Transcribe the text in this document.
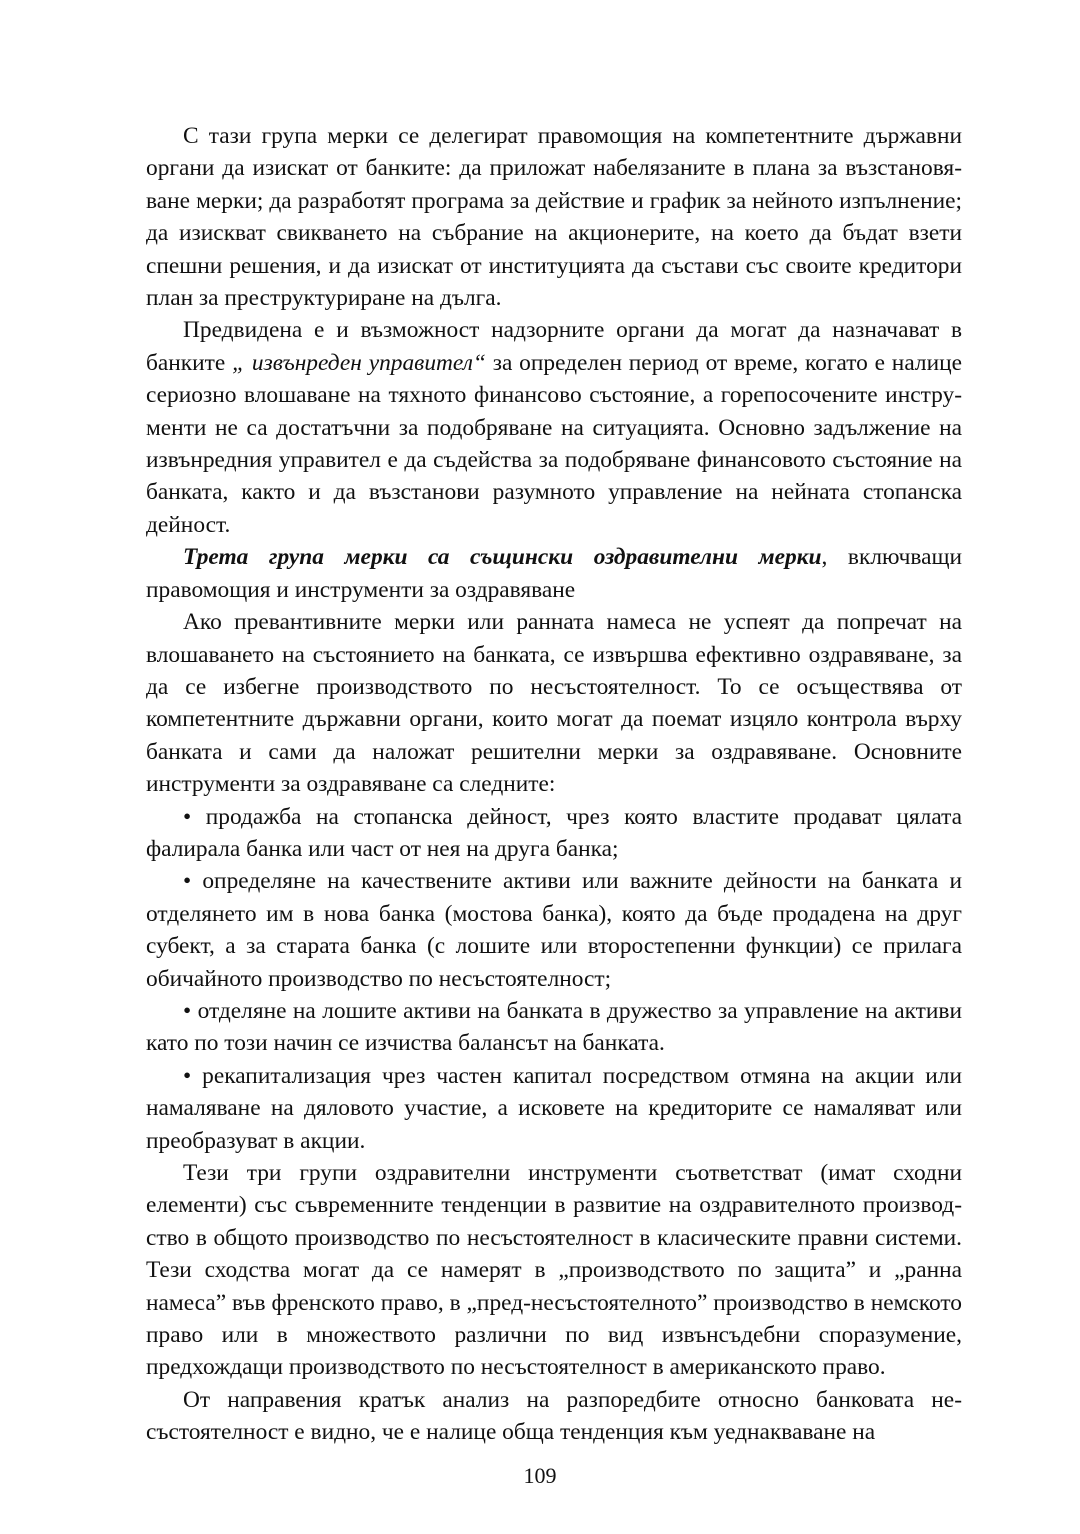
С тази група мерки се делегират правомощия на компетентните държавни органи да изискат от банките: да приложат набелязаните в плана за възстановяване мерки; да разработят програма за действие и график за нейното изпълнение; да изискват свикването на събрание на акционерите, на което да бъдат взети спешни решения, и да изискат от институцията да състави със своите кредитори план за преструктуриране на дълга.

Предвидена е и възможност надзорните органи да могат да назначават в банките „ извънреден управител“ за определен период от време, когато е налице сериозно влошаване на тяхното финансово състояние, а горепосочените инструменти не са достатъчни за подобряване на ситуацията. Основно задължение на извънредния управител е да съдейства за подобряване финансовото състояние на банката, както и да възстанови разумното управление на нейната стопанска дейност.

Трета група мерки са същински оздравителни мерки, включващи правомощия и инструменти за оздравяване

Ако превантивните мерки или ранната намеса не успеят да попречат на влошаването на състоянието на банката, се извършва ефективно оздравяване, за да се избегне производството по несъстоятелност. То се осъществява от компетентните държавни органи, които могат да поемат изцяло контрола върху банката и сами да наложат решителни мерки за оздравяване. Основните инструменти за оздравяване са следните:

• продажба на стопанска дейност, чрез която властите продават цялата фалирала банка или част от нея на друга банка;

• определяне на качествените активи или важните дейности на банката и отделянето им в нова банка (мостова банка), която да бъде продадена на друг субект, а за старата банка (с лошите или второстепенни функции) се прилага обичайното производство по несъстоятелност;

• отделяне на лошите активи на банката в дружество за управление на активи като по този начин се изчиства балансът на банката.

• рекапитализация чрез частен капитал посредством отмяна на акции или намаляване на дяловото участие, а исковете на кредиторите се намаляват или преобразуват в акции.

Тези три групи оздравителни инструменти съответстват (имат сходни елементи) със съвременните тенденции в развитие на оздравителното производство в общото производство по несъстоятелност в класическите правни системи. Тези сходства могат да се намерят в „производството по защита” и „ранна намеса” във френското право, в „пред-несъстоятелното” производство в немското право или в множеството различни по вид извънсъдебни споразумение, предхождащи производството по несъстоятелност в американското право.

От направения кратък анализ на разпоредбите относно банковата несъстоятелност е видно, че е налице обща тенденция към уеднакваване на

109
